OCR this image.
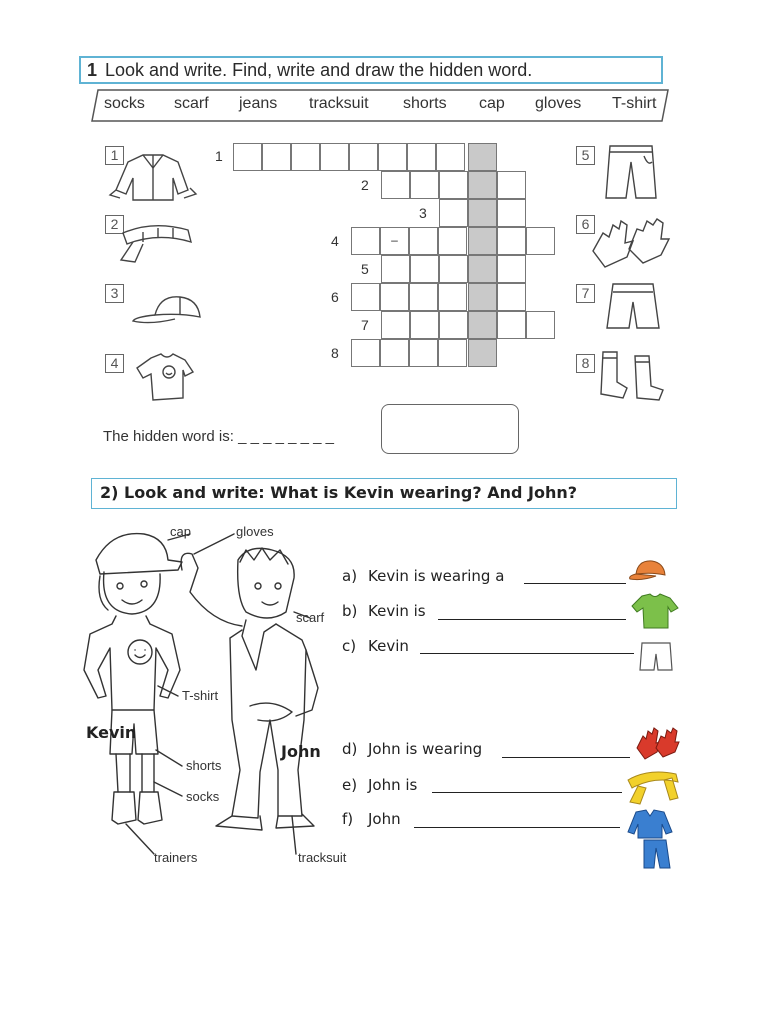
1 Look and write. Find, write and draw the hidden word.
socks scarf jeans tracksuit shorts cap gloves T-shirt
1
2
3
4
5
6
7
8
1
2
3
4	–
5
6
7
8
The hidden word is: _ _ _ _ _ _ _ _
2) Look and write: What is Kevin wearing? And John?
cap	gloves
scarf
T-shirt
shorts
socks
trainers	tracksuit
Kevin
John
a) Kevin is wearing a
b) Kevin is
c) Kevin
d) John is wearing
e) John is
f) John
